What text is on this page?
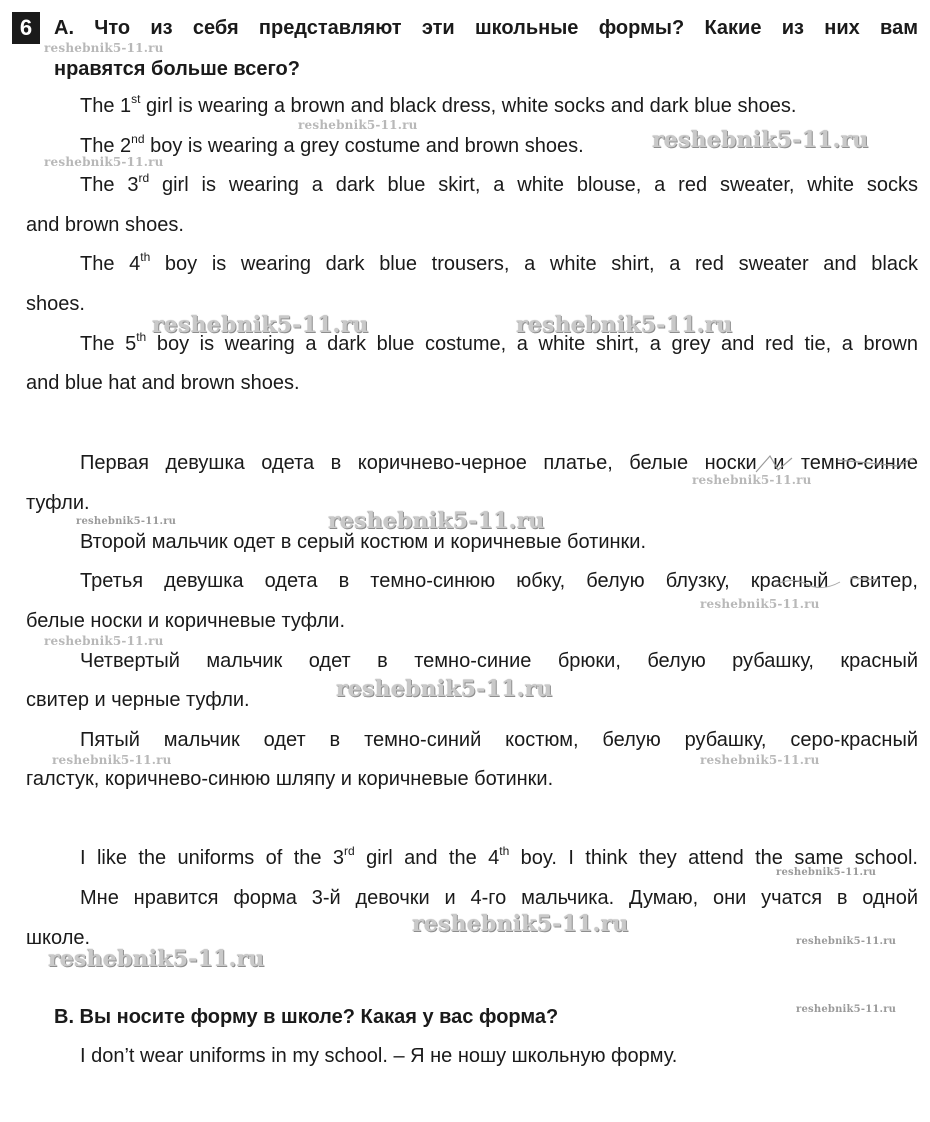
6	А. Что из себя представляют эти школьные формы? Какие из них вам

нравятся больше всего?

The 1st girl is wearing a brown and black dress, white socks and dark blue shoes.

The 2nd boy is wearing a grey costume and brown shoes.

The 3rd girl is wearing a dark blue skirt, a white blouse, a red sweater, white socks

and brown shoes.

The 4th boy is wearing dark blue trousers, a white shirt, a red sweater and black

shoes.

The 5th boy is wearing a dark blue costume, a white shirt, a grey and red tie, a brown

and blue hat and brown shoes.

Первая девушка одета в коричнево-черное платье, белые носки и темно-синие

туфли.

Второй мальчик одет в серый костюм и коричневые ботинки.

Третья девушка одета в темно-синюю юбку, белую блузку, красный свитер,

белые носки и коричневые туфли.

Четвертый мальчик одет в темно-синие брюки, белую рубашку, красный

свитер и черные туфли.

Пятый мальчик одет в темно-синий костюм, белую рубашку, серо-красный

галстук, коричнево-синюю шляпу и коричневые ботинки.

I like the uniforms of the 3rd girl and the 4th boy. I think they attend the same school.

Мне нравится форма 3-й девочки и 4-го мальчика. Думаю, они учатся в одной

школе.

B. Вы носите форму в школе? Какая у вас форма?

I don’t wear uniforms in my school. – Я не ношу школьную форму.

reshebnik5-11.ru
reshebnik5-11.ru
reshebnik5-11.ru
reshebnik5-11.ru
reshebnik5-11.ru	reshebnik5-11.ru
reshebnik5-11.ru
reshebnik5-11.ru
reshebnik5-11.ru
reshebnik5-11.ru
reshebnik5-11.ru
reshebnik5-11.ru
reshebnik5-11.ru	reshebnik5-11.ru
reshebnik5-11.ru
reshebnik5-11.ru
reshebnik5-11.ru
reshebnik5-11.ru
reshebnik5-11.ru
